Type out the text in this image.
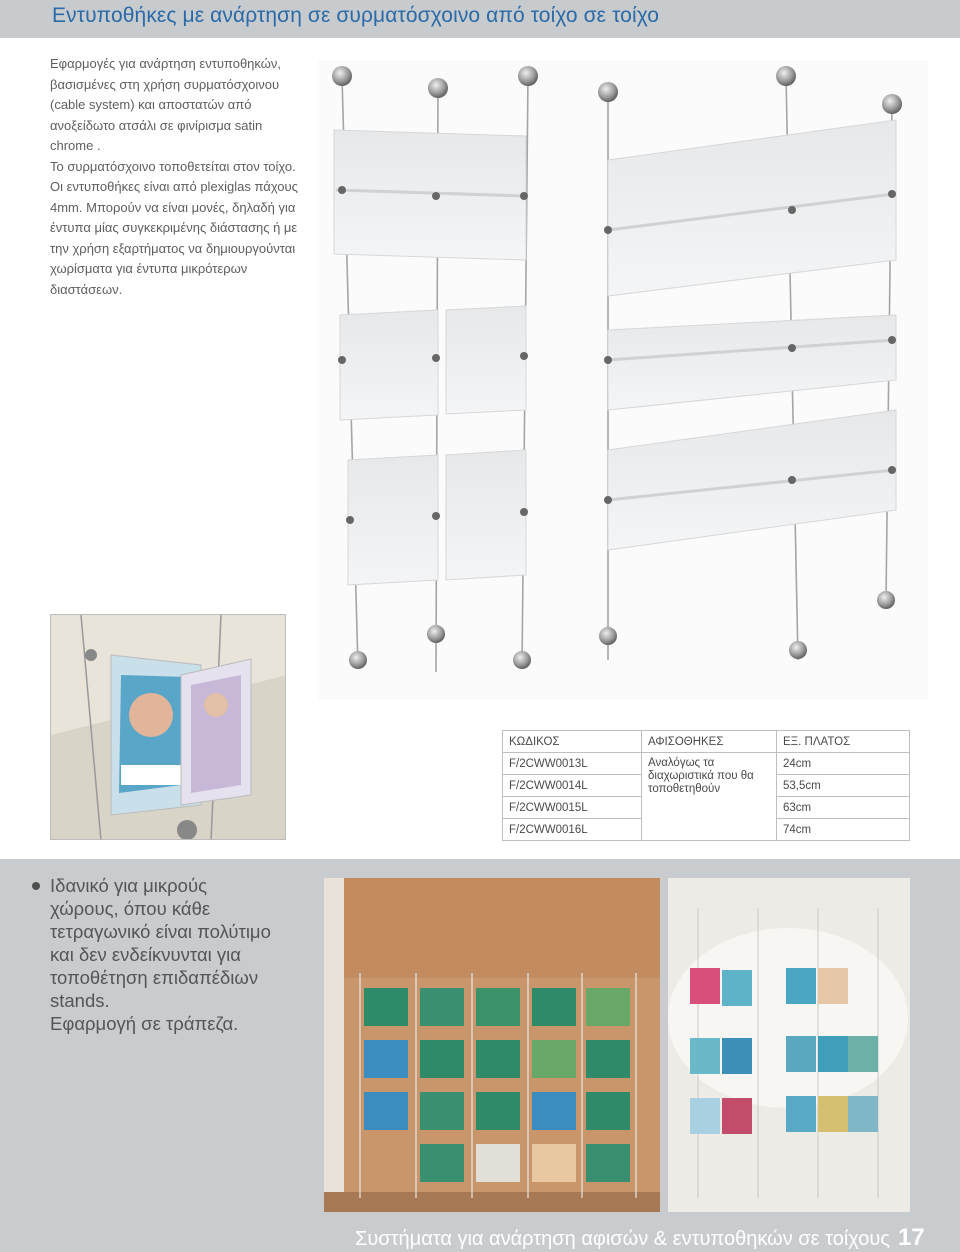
Εντυποθήκες με ανάρτηση σε συρματόσχοινο από τοίχο σε τοίχο

Εφαρμογές για ανάρτηση εντυποθηκών,

βασισμένες στη χρήση συρματόσχοινου

(cable system) και αποστατών από

ανοξείδωτο ατσάλι σε φινίρισμα satin

chrome .

Το συρματόσχοινο τοποθετείται στον τοίχο.

Οι εντυποθήκες είναι από plexiglas πάχους

4mm. Μπορούν να είναι μονές, δηλαδή για

έντυπα μίας συγκεκριμένης διάστασης ή με

την χρήση εξαρτήματος να δημιουργούνται

χωρίσματα για έντυπα μικρότερων

διαστάσεων.

ΚΩΔΙΚΟΣ	ΑΦΙΣΟΘΗΚΕΣ	ΕΞ. ΠΛΑΤΟΣ
F/2CWW0013L	Αναλόγως τα διαχωριστικά που θα τοποθετηθούν	24cm
F/2CWW0014L		53,5cm
F/2CWW0015L		63cm
F/2CWW0016L		74cm
Ιδανικό για μικρούς
χώρους, όπου κάθε
τετραγωνικό είναι πολύτιμο
και δεν ενδείκνυνται για
τοποθέτηση επιδαπέδιων
stands.
Εφαρμογή σε τράπεζα.
Συστήματα για ανάρτηση αφισών & εντυποθηκών σε τοίχους 17
